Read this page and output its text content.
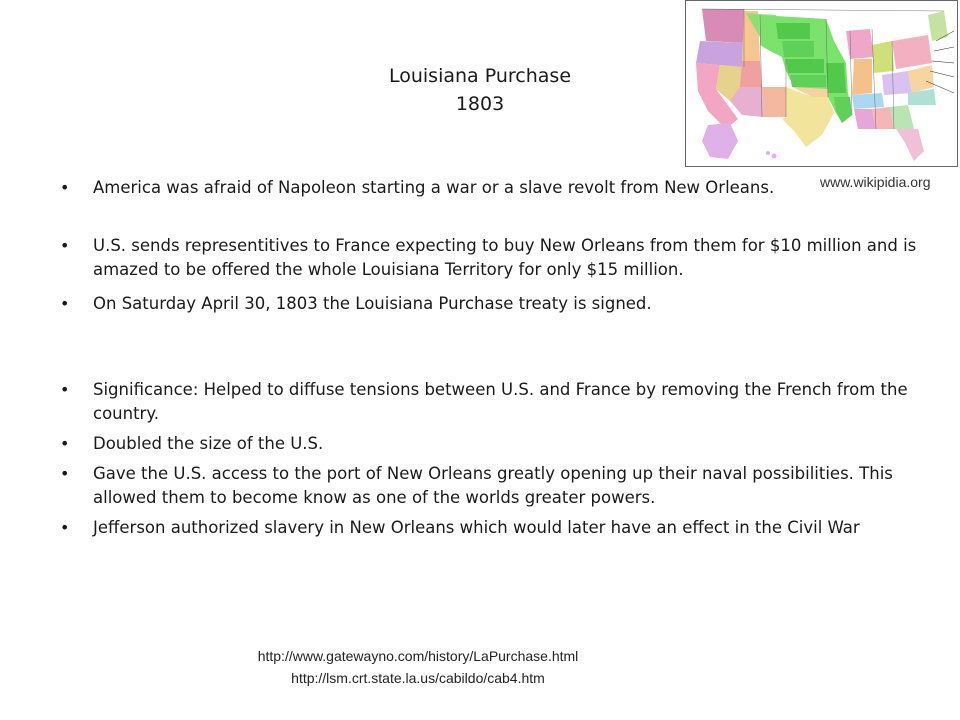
Louisiana Purchase
1803
www.wikipidia.org
• America was afraid of Napoleon starting a war or a slave revolt from New Orleans.
• U.S. sends representitives to France expecting to buy New Orleans from them for $10 million and is amazed to be offered the whole Louisiana Territory for only $15 million.
• On Saturday April 30, 1803 the Louisiana Purchase treaty is signed.
• Significance: Helped to diffuse tensions between U.S. and France by removing the French from the country.
• Doubled the size of the U.S.
• Gave the U.S. access to the port of New Orleans greatly opening up their naval possibilities. This allowed them to become know as one of the worlds greater powers.
• Jefferson authorized slavery in New Orleans which would later have an effect in the Civil War
http://www.gatewayno.com/history/LaPurchase.html
http://lsm.crt.state.la.us/cabildo/cab4.htm
